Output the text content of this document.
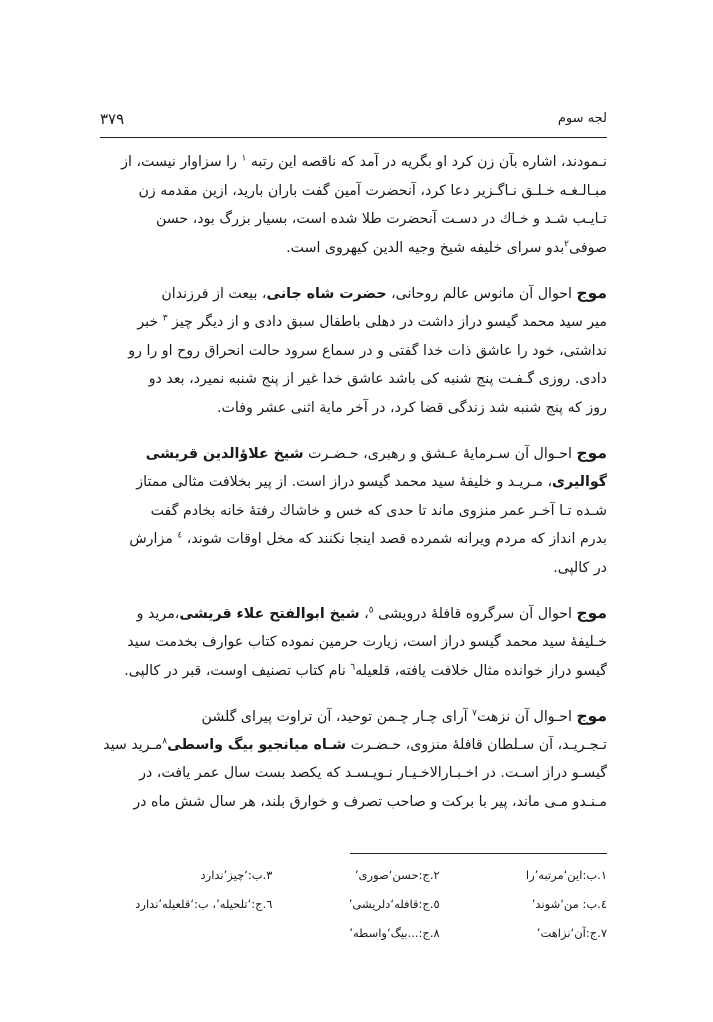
۳۷۹	لجه سوم
نـمودند، اشاره بآن زن کرد او بگریه در آمد که ناقصه این رتبه $^۱$ را سزاوار نیست، از
مبـالـغـه خـلـق نـاگـزیر دعا کرد، آنحضرت آمین گفت باران بارید، ازین مقدمه زن
تـایـب شـد و خـاك در دسـت آنحضرت طلا شده است، بسیار بزرگ بود، حسن
صوفی$^۲$بدو سرای خلیفه شیخ وجیه الدین کیهروی است.
موج احوال آن مانوس عالم روحانی، حضرت شاه جانی، بیعت از فرزندان
میر سید محمد گیسو دراز داشت در دهلی باطفال سبق دادی و از دیگر چیز $^۳$ خبر
نداشتی، خود را عاشق ذات خدا گفتی و در سماع سرود حالت انحراق روح او را رو
دادی. روزی گـفـت پنج شنبه کی باشد عاشق خدا غیر از پنج شنبه نمیرد، بعد دو
روز که پنج شنبه شد زندگی قضا کرد، در آخر مایة اثنی عشر وفات.
موج احـوال آن سـرمایۀ عـشق و رهبری، حـضـرت شیخ علاؤالدین قریشی
گوالیری، مـریـد و خلیفۀ سید محمد گیسو دراز است. از پیر بخلافت مثالی ممتاز
شـده تـا آخـر عمر منزوی ماند تا حدی که خس و خاشاك رفتۀ خانه بخادم گفت
بدرم انداز که مردم ویرانه شمرده قصد اینجا نکنند که مخل اوقات شوند، $^٤$ مزارش
در کالپی.
موج احوال آن سرگروه قافلۀ درویشی $^٥$، شیخ ابوالفتح علاء قریشی،مرید و
خـلیفۀ سید محمد گیسو دراز است، زیارت حرمین نموده کتاب عوارف بخدمت سید
گیسو دراز خوانده مثال خلافت یافته، قلعیله$^٦$ نام کتاب تصنیف اوست، قبر در کالپی.
موج احـوال آن نزهت$^۷$ آرای چـار چـمن توحید، آن تراوت پیرای گلشن
تـجـریـد، آن سـلطان قافلۀ منزوی، حـضـرت شـاه میانجیو بیگ واسطی$^۸$مـرید سید
گیسـو دراز اسـت. در اخـبـارالاخـیـار نـویـسـد که یکصد بست سال عمر یافت، در
مـنـدو مـی ماند، پیر با برکت و صاحب تصرف و خوارق بلند، هر سال شش ماه در
۱.ب:این‘مرتبه’را
۲.ج:حسن‘صوری’
۳.ب:‘چیز’ندارد
٤.ب: من‘شوند’
٥.ج:قافله‘دلریشی’
٦.ج:‘تلحیله’، ب:‘قلعیله’ندارد
۷.ج:آن‘نزاهت’
۸.ج:...بیگ‘واسطه’
